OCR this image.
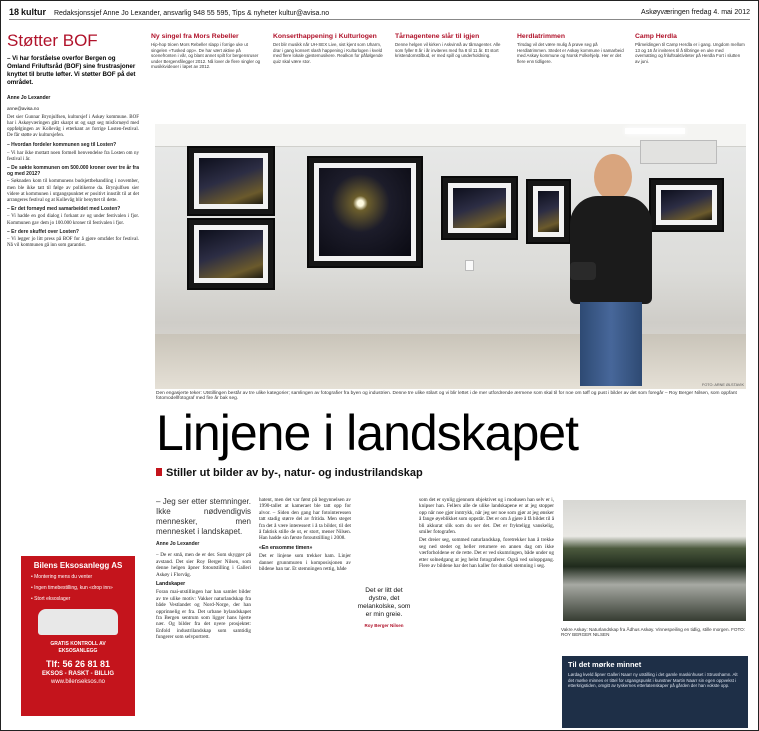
18 kultur Redaksjonssjef Anne Jo Lexander, ansvarlig 948 55 595, Tips & nyheter kultur@avisa.no	Askøyværingen fredag 4. mai 2012
Støtter BOF
– Vi har forståelse overfor Bergen og Omland Friluftsråd (BOF) sine frustrasjoner knyttet til brutte løfter. Vi støtter BOF på det området.
Anne Jo Lexander
anne@avisa.no

Det sier Gunnar Brynjulfsen, kultursjef i Askøy kommune. BOF har i Askøyværingen gått skarpt ut og sagt seg misfornøyd med oppfølgingen av Kollevåg i etterkant av forrige Losten-festival. De får støtte av kultursjefen.

– Hvordan fordeler kommunen seg til Losten?

– Vi har ikke mottatt noen formell henvendelse fra Losten om ny festival i år.

– De søkte kommunen om 500.000 kroner over tre år fra og med 2012?

– Søknaden kom til kommunens budsjettbehandling i november, men ble ikke tatt til følge av politikerne da. Brynjulfsen sier videre at kommunen i utgangspunktet er positivt innstilt til at det arrangeres festival og at Kollevåg blir benyttet til dette.

– Er det fornøyd med samarbeidet med Losten?

– Vi hadde en god dialog i forkant av og under festivalen i fjor. Kommunen gav dem jo 100.000 kroner til festivalen i fjor.

– Er dere skuffet over Losten?

– Vi legger jo litt press på BOF for å gjøre området for festival. Nå vil kommunen gå inn som garantist.

Bilens Eksosanlegg AS
• Montering mens du venter
• Ingen timebestilling, kun «drop inn»
• Stort eksoslager
GRATIS KONTROLL AV EKSOSANLEGG
Tlf: 56 26 81 81
EKSOS - RASKT - BILLIG
www.bilenseksos.no
Ny singel fra Mors Rebeller
Hip-hop trioen Mors Rebeller slapp i forrige uke ut singelen «Tusked opp». De har vært aktive på scenefronten i vår, og blant annet spilt for bergensruser under Bergensfilegger 2012. Nå lover de flere singler og musikkvideoer i løpet av 2012.
Konserthappening i Kulturlogen
Det blir musikk når UH-SEX Live, sist kjent som Uharm, drar i gang konsert slash happening i Kulturlogen i kveld med flere lokale gjestemusikere. Realkon for påfølgende quiz skal være stor.
Tårnagentene slår til igjen
Denne helgen vil kirken i Askvinnå av tårnagenter. Alle som fyller 8 år i år inviteres med fra 8 til 11 år. Et stort kristendomstilbud, er med spill og underholdning.
Herdlatrimmen
Tirsdag vil det være mulig å prøve seg på Herdlatrimmen. Stedet er Askøy kommune i samarbeid med Askøy kommune og Norsk Folkehjelp. Her er det flere enn tidligere.
Camp Herdla
Påmeldingen til Camp Herdla er i gang. Ungdom mellom 13 og 16 år inviteres til å tilbringe en uke med overnatting og friluftsaktiviteter på Herdla Fort i slutten av juni.
FOTO: ARNE ØLSTAVIK
Den engasjerte teker: Utstillingen består av tre ulike kategorier; samlingen av fotografier fra byen og industrien. Denne tre ulike stilart og vi blir lettet i de mer utfordrende ærmene som skal til for noe om tøff og pust i bilder av det som foregår – Roy Berger Nilsen, som oppfant fotomodellfotograf med fire år bak seg.
Linjene i landskapet
Stiller ut bilder av by-, natur- og industrilandskap
– Jeg ser etter stemninger. Ikke nødvendigvis mennesker, men mennesket i landskapet.
Anne Jo Lexander

– De er små, men de er der. Som skygger på avstand. Det sier Roy Berger Nilsen, som denne helgen åpner fotoutstilling i Galleri Askøy i Florvåg.

Landskaper

Foran mai-utstillingen har han samlet bilder av tre ulike motiv: Vakker naturlandskap fra både Vestlandet og Nord-Norge, der han opprinnelig er fra. Det urbane bylandskapet fra Bergen sentrum som ligger hans hjerte nær. Og bilder fra det nyere prosjektet: Enfold industrilandskap som samtidig fungerer som selvportrett.

hatent, men det var først på begynnelsen av 1990-tallet at kameraet ble tatt opp for alvor. – Siden den gang har fotointeressen tatt stadig større del av fritida. Men steget fra det å være interessert i å ta bilder, til det å faktisk stille de ut, er stort, mener Nilsen. Han hadde sin første fotoutstilling i 2008.

«En ensomme timen»

Det er linjene som trekker ham. Linjer danner grunnmuren i komposisjonen av bildene han tar. Et stemningen rettig, både

Det er litt det dystre, det melankolske, som er min greie.
Roy Berger Nilsen

som det er synlig gjennom objektivet og i modusen han selv er i, knipser han. Fellers alle de ulike landskapene er at jeg stopper opp når noe gjør inntrykk, når jeg ser noe som gjør at jeg ønsker å fange øyeblikket som oppstår. Det er om å gjøre å få bildet til å bli akkurat slik som du ser det. Det er frykteligg vanskelig, smiler fotografen.

Det dreier seg, sommed naturlandskap, foretrekker han å trekke seg ned stedet og heller returnere en annen dag om ikke værforholdene er de rette. Det er ved skumringen, både under og etter solnedgang at jeg helst fotograferer. Også ved soloppgang. Flere av bildene har det han kaller for dunkel stemning i seg.

Vakre Askøy: Naturlandskap fra Ådhus Askøy. Vinnespeiling en tidlig, stille morgen. FOTO: ROY BERGER NILSEN
Til det mørke minnet
Lørdag kveld åpner Galleri Naarr ny utstilling i det gamle maskinhuset i Strusshamn. Alt det mørke minnes er tittel for utgangspunkt i kunstner Martin Naarr sin egen oppvekst i etterkrigstiden, omgitt av tyskernes etterlatenskaper på gården der han vokste opp.
